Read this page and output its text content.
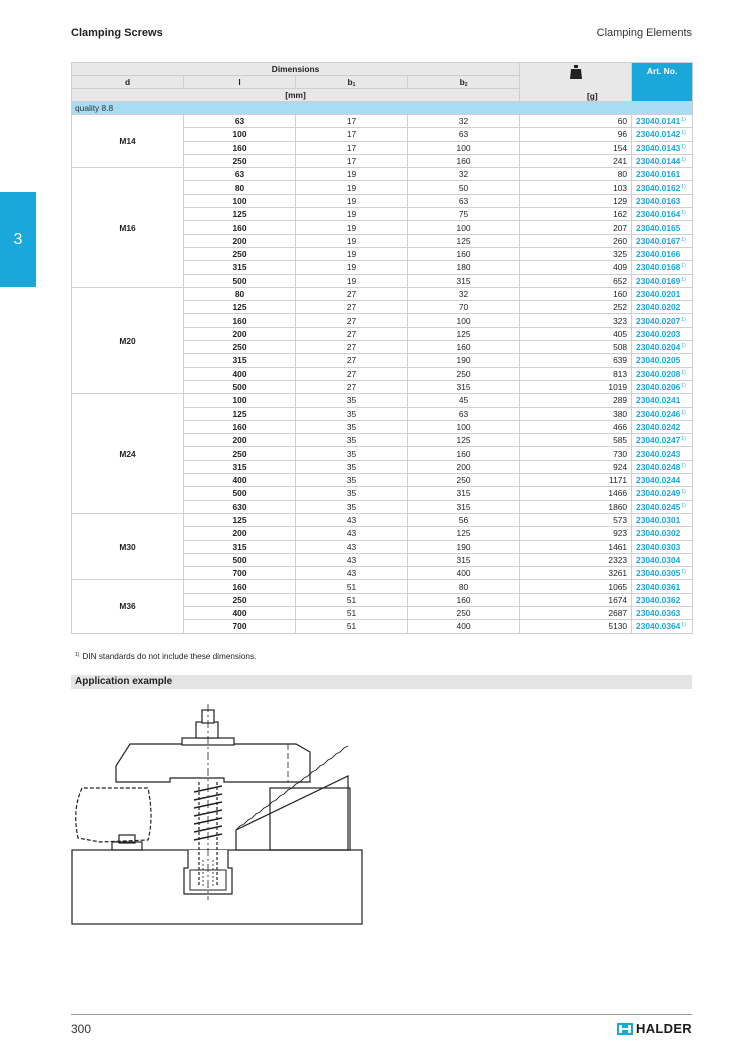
Clamping Screws	Clamping Elements
3
Dimensions					Art. No.
d	l	$b_1$	$b_2$
[mm]					
quality 8.8					
M14	63	17	32	60	23040.0141$^{1)}$
	100	17	63	96	23040.0142$^{1)}$
	160	17	100	154	23040.0143$^{1)}$
	250	17	160	241	23040.0144$^{1)}$
M16	63	19	32	80	23040.0161
	80	19	50	103	23040.0162$^{1)}$
	100	19	63	129	23040.0163
	125	19	75	162	23040.0164$^{1)}$
	160	19	100	207	23040.0165
	200	19	125	260	23040.0167$^{1)}$
	250	19	160	325	23040.0166
	315	19	180	409	23040.0168$^{1)}$
	500	19	315	652	23040.0169$^{1)}$
M20	80	27	32	160	23040.0201
	125	27	70	252	23040.0202
	160	27	100	323	23040.0207$^{1)}$
	200	27	125	405	23040.0203
	250	27	160	508	23040.0204$^{1)}$
	315	27	190	639	23040.0205
	400	27	250	813	23040.0208$^{1)}$
	500	27	315	1019	23040.0206$^{1)}$
M24	100	35	45	289	23040.0241
	125	35	63	380	23040.0246$^{1)}$
	160	35	100	466	23040.0242
	200	35	125	585	23040.0247$^{1)}$
	250	35	160	730	23040.0243
	315	35	200	924	23040.0248$^{1)}$
	400	35	250	1171	23040.0244
	500	35	315	1466	23040.0249$^{1)}$
	630	35	315	1860	23040.0245$^{1)}$
M30	125	43	56	573	23040.0301
	200	43	125	923	23040.0302
	315	43	190	1461	23040.0303
	500	43	315	2323	23040.0304
	700	43	400	3261	23040.0305$^{1)}$
M36	160	51	80	1065	23040.0361
	250	51	160	1674	23040.0362
	400	51	250	2687	23040.0363
	700	51	400	5130	23040.0364$^{1)}$
[g]
$^{1)}$ DIN standards do not include these dimensions.
Application example
300	HALDER
